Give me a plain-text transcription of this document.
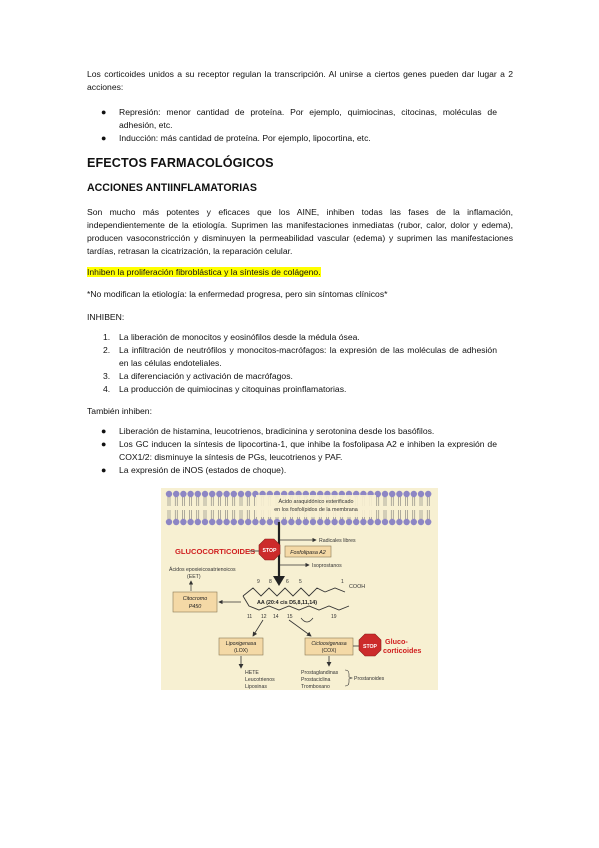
Los corticoides unidos a su receptor regulan la transcripción. Al unirse a ciertos genes pueden dar lugar a 2 acciones:

● Represión: menor cantidad de proteína. Por ejemplo, quimiocinas, citocinas, moléculas de adhesión, etc.
● Inducción: más cantidad de proteína. Por ejemplo, lipocortina, etc.
EFECTOS FARMACOLÓGICOS
ACCIONES ANTIINFLAMATORIAS

Son mucho más potentes y eficaces que los AINE, inhiben todas las fases de la inflamación, independientemente de la etiología. Suprimen las manifestaciones inmediatas (rubor, calor, dolor y edema), producen vasoconstricción y disminuyen la permeabilidad vascular (edema) y suprimen las manifestaciones tardías, retrasan la cicatrización, la reparación celular.

Inhiben la proliferación fibroblástica y la síntesis de colágeno.

*No modifican la etiología: la enfermedad progresa, pero sin síntomas clínicos*

INHIBEN:

1. La liberación de monocitos y eosinófilos desde la médula ósea.
2. La infiltración de neutrófilos y monocitos-macrófagos: la expresión de las moléculas de adhesión en las células endoteliales.
3. La diferenciación y activación de macrófagos.
4. La producción de quimiocinas y citoquinas proinflamatorias.

También inhiben:

● Liberación de histamina, leucotrienos, bradicinina y serotonina desde los basófilos.
● Los GC inducen la síntesis de lipocortina-1, que inhibe la fosfolipasa A2 e inhiben la expresión de COX1/2: disminuye la síntesis de PGs, leucotrienos y PAF.
● La expresión de iNOS (estados de choque).
Ácido araquidónico esterificado
en los fosfolípidos de la membrana
GLUCOCORTICOIDES STOP	Fosfolipasa A2
Radicales libres
Isoprostanos
Ácidos epoxieicosatrienoicos
(EET)
Citocromo
P450
COOH
9 8	6 5	1
11 12 14 15	19
AA (20:4 cis D5,8,11,14)
Lipoxigenasa
(LOX)
Ciclooxigenasa
(COX)
STOP
Gluco-
corticoides
HETE
Leucotrienos
Lipoxinas
Prostaglandinas
Prostaciclina
Tromboxano
Prostanoides
